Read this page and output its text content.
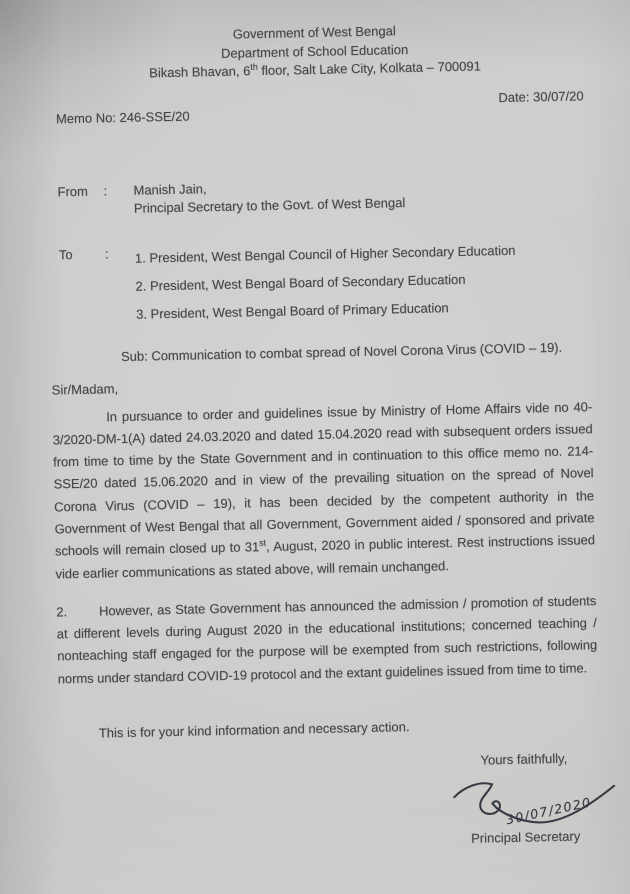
Government of West Bengal
Department of School Education
Bikash Bhavan, 6th floor, Salt Lake City, Kolkata – 700091
Date: 30/07/20
Memo No: 246-SSE/20
From	:	Manish Jain,
Principal Secretary to the Govt. of West Bengal
To	:	1. President, West Bengal Council of Higher Secondary Education
2. President, West Bengal Board of Secondary Education
3. President, West Bengal Board of Primary Education
Sub: Communication to combat spread of Novel Corona Virus (COVID – 19).
Sir/Madam,

In pursuance to order and guidelines issue by Ministry of Home Affairs vide no 40-3/2020-DM-1(A) dated 24.03.2020 and dated 15.04.2020 read with subsequent orders issued from time to time by the State Government and in continuation to this office memo no. 214-SSE/20 dated 15.06.2020 and in view of the prevailing situation on the spread of Novel Corona Virus (COVID – 19), it has been decided by the competent authority in the Government of West Bengal that all Government, Government aided / sponsored and private schools will remain closed up to 31st, August, 2020 in public interest. Rest instructions issued vide earlier communications as stated above, will remain unchanged.

2. However, as State Government has announced the admission / promotion of students at different levels during August 2020 in the educational institutions; concerned teaching / nonteaching staff engaged for the purpose will be exempted from such restrictions, following norms under standard COVID-19 protocol and the extant guidelines issued from time to time.

This is for your kind information and necessary action.
Yours faithfully,
30/07/2020
Principal Secretary
